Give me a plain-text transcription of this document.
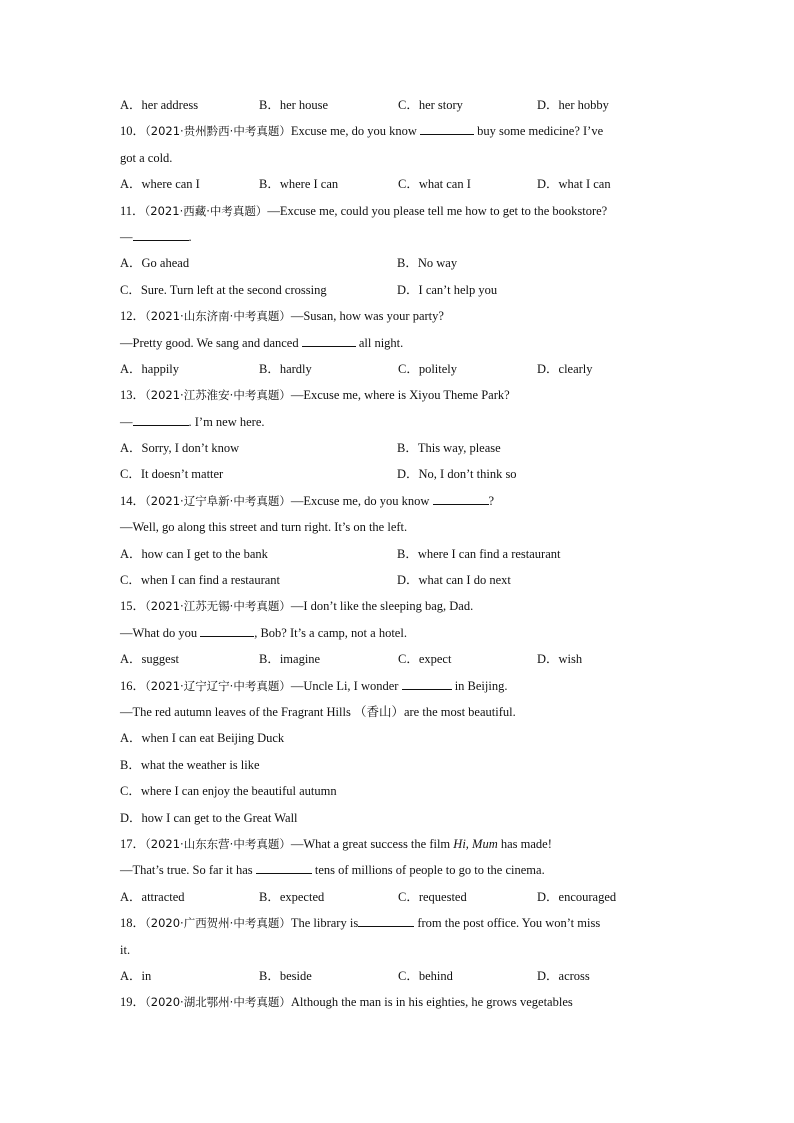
A．her address	B．her house	C．her story	D．her hobby
10．（2021·贵州黔西·中考真题）Excuse me, do you know	buy some medicine? I’ve
got a cold.
A．where can I	B．where I can	C．what can I	D．what I can
11．（2021·西藏·中考真题）—Excuse me, could you please tell me how to get to the bookstore?
—	.
A．Go ahead	B．No way
C．Sure. Turn left at the second crossing	D．I can’t help you
12．（2021·山东济南·中考真题）—Susan, how was your party?
—Pretty good. We sang and danced	all night.
A．happily	B．hardly	C．politely	D．clearly
13．（2021·江苏淮安·中考真题）—Excuse me, where is Xiyou Theme Park?
—	. I’m new here.
A．Sorry, I don’t know	B．This way, please
C．It doesn’t matter	D．No, I don’t think so
14．（2021·辽宁阜新·中考真题）—Excuse me, do you know	?
—Well, go along this street and turn right. It’s on the left.
A．how can I get to the bank	B．where I can find a restaurant
C．when I can find a restaurant	D．what can I do next
15．（2021·江苏无锡·中考真题）—I don’t like the sleeping bag, Dad.
—What do you	, Bob? It’s a camp, not a hotel.
A．suggest	B．imagine	C．expect	D．wish
16．（2021·辽宁辽宁·中考真题）—Uncle Li, I wonder	in Beijing.
—The red autumn leaves of the Fragrant Hills （香山）are the most beautiful.
A．when I can eat Beijing Duck
B．what the weather is like
C．where I can enjoy the beautiful autumn
D．how I can get to the Great Wall
17．（2021·山东东营·中考真题）—What a great success the film Hi, Mum has made!
—That’s true. So far it has	tens of millions of people to go to the cinema.
A．attracted	B．expected	C．requested	D．encouraged
18．（2020·广西贺州·中考真题）The library is	from the post office. You won’t miss
it.
A．in	B．beside	C．behind	D．across
19．（2020·湖北鄂州·中考真题）Although the man is in his eighties, he grows vegetables
